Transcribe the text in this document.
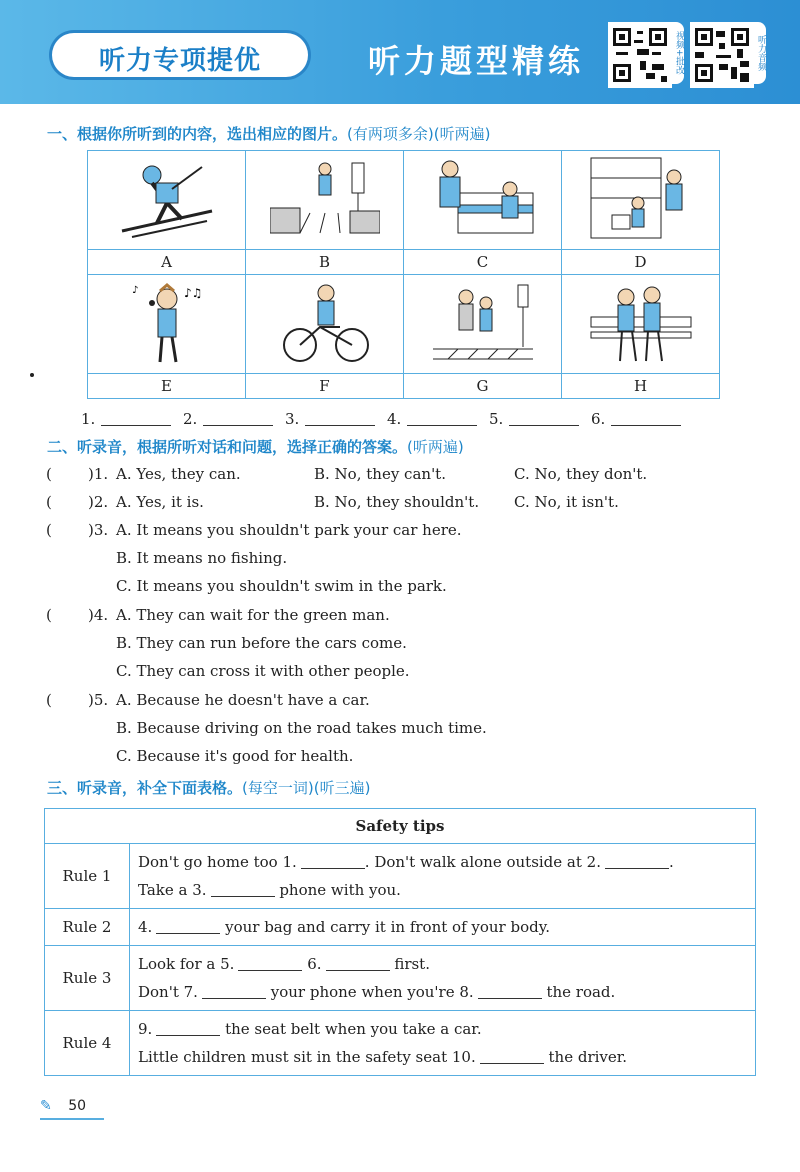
听力专项提优	听力题型精练	视频+批改	听力音频
一、根据你所听到的内容，选出相应的图片。(有两项多余)(听两遍)

A	B	C	D

♪♫
♪

E	F	G	H
1.	2.	3.	4.	5.	6.
二、听录音，根据所听对话和问题，选择正确的答案。(听两遍)
( )1. A. Yes, they can.	B. No, they can't.	C. No, they don't.
( )2. A. Yes, it is.	B. No, they shouldn't. C. No, it isn't.
( )3. A. It means you shouldn't park your car here.
B. It means no fishing.
C. It means you shouldn't swim in the park.
( )4. A. They can wait for the green man.
B. They can run before the cars come.
C. They can cross it with other people.
( )5. A. Because he doesn't have a car.
B. Because driving on the road takes much time.
C. Because it's good for health.
三、听录音，补全下面表格。(每空一词)(听三遍)
Safety tips	
Rule 1	Don't go home too 1. . Don't walk alone outside at 2. .
Take a 3. phone with you.
Rule 2	4. your bag and carry it in front of your body.
Rule 3	Look for a 5. 6. first.
Don't 7. your phone when you're 8. the road.
Rule 4	9. the seat belt when you take a car.
Little children must sit in the safety seat 10. the driver.
✎ 50
